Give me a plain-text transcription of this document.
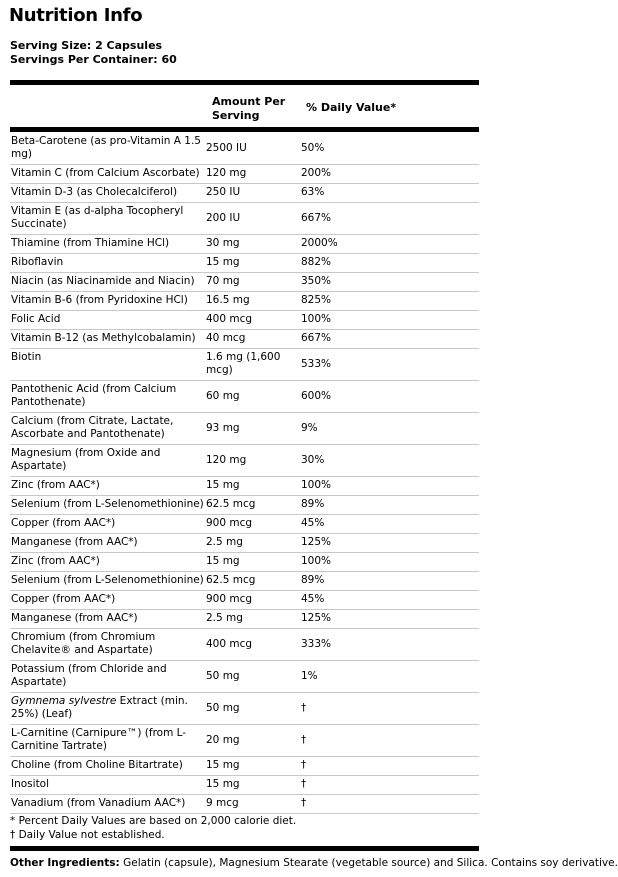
Nutrition Info
Serving Size: 2 Capsules
Servings Per Container: 60
Amount Per Serving
% Daily Value*
Beta-Carotene (as pro-Vitamin A 1.5 mg)	2500 IU	50%
Vitamin C (from Calcium Ascorbate)	120 mg	200%
Vitamin D-3 (as Cholecalciferol)	250 IU	63%
Vitamin E (as d-alpha Tocopheryl Succinate)	200 IU	667%
Thiamine (from Thiamine HCl)	30 mg	2000%
Riboflavin	15 mg	882%
Niacin (as Niacinamide and Niacin)	70 mg	350%
Vitamin B-6 (from Pyridoxine HCl)	16.5 mg	825%
Folic Acid	400 mcg	100%
Vitamin B-12 (as Methylcobalamin)	40 mcg	667%
Biotin	1.6 mg (1,600 mcg)	533%
Pantothenic Acid (from Calcium Pantothenate)	60 mg	600%
Calcium (from Citrate, Lactate, Ascorbate and Pantothenate)	93 mg	9%
Magnesium (from Oxide and Aspartate)	120 mg	30%
Zinc (from AAC*)	15 mg	100%
Selenium (from L-Selenomethionine)	62.5 mcg	89%
Copper (from AAC*)	900 mcg	45%
Manganese (from AAC*)	2.5 mg	125%
Zinc (from AAC*)	15 mg	100%
Selenium (from L-Selenomethionine)	62.5 mcg	89%
Copper (from AAC*)	900 mcg	45%
Manganese (from AAC*)	2.5 mg	125%
Chromium (from Chromium Chelavite® and Aspartate)	400 mcg	333%
Potassium (from Chloride and Aspartate)	50 mg	1%
Gymnema sylvestre Extract (min. 25%) (Leaf)	50 mg	†
L-Carnitine (Carnipure™) (from L-Carnitine Tartrate)	20 mg	†
Choline (from Choline Bitartrate)	15 mg	†
Inositol	15 mg	†
Vanadium (from Vanadium AAC*)	9 mcg	†
* Percent Daily Values are based on 2,000 calorie diet.
† Daily Value not established.
Other Ingredients: Gelatin (capsule), Magnesium Stearate (vegetable source) and Silica. Contains soy derivative.
